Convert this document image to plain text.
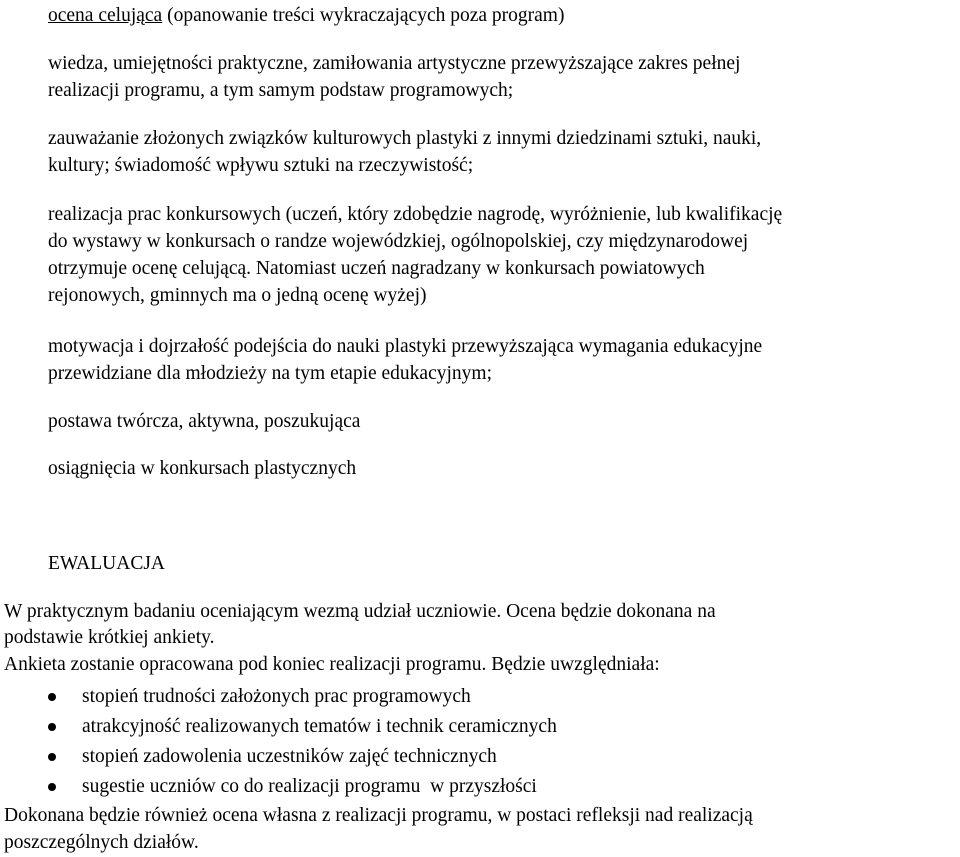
ocena celująca (opanowanie treści wykraczających poza program)
wiedza, umiejętności praktyczne, zamiłowania artystyczne przewyższające zakres pełnej
realizacji programu, a tym samym podstaw programowych;
zauważanie złożonych związków kulturowych plastyki z innymi dziedzinami sztuki, nauki,
kultury; świadomość wpływu sztuki na rzeczywistość;
realizacja prac konkursowych (uczeń, który zdobędzie nagrodę, wyróżnienie, lub kwalifikację
do wystawy w konkursach o randze wojewódzkiej, ogólnopolskiej, czy międzynarodowej
otrzymuje ocenę celującą. Natomiast uczeń nagradzany w konkursach powiatowych
rejonowych, gminnych ma o jedną ocenę wyżej)
motywacja i dojrzałość podejścia do nauki plastyki przewyższająca wymagania edukacyjne
przewidziane dla młodzieży na tym etapie edukacyjnym;
postawa twórcza, aktywna, poszukująca
osiągnięcia w konkursach plastycznych
EWALUACJA
W praktycznym badaniu oceniającym wezmą udział uczniowie. Ocena będzie dokonana na
podstawie krótkiej ankiety.
Ankieta zostanie opracowana pod koniec realizacji programu. Będzie uwzględniała:
stopień trudności założonych prac programowych
atrakcyjność realizowanych tematów i technik ceramicznych
stopień zadowolenia uczestników zajęć technicznych
sugestie uczniów co do realizacji programu  w przyszłości
Dokonana będzie również ocena własna z realizacji programu, w postaci refleksji nad realizacją
poszczególnych działów.
